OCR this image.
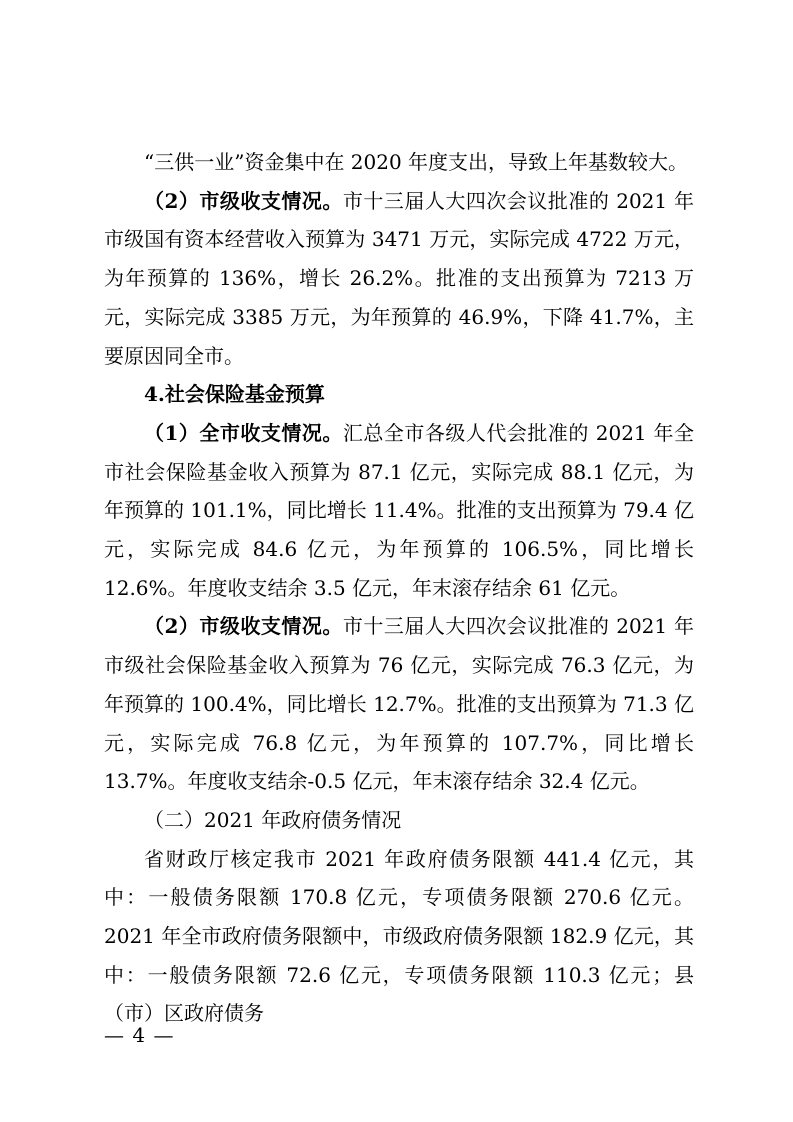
“三供一业”资金集中在 2020 年度支出，导致上年基数较大。

（2）市级收支情况。市十三届人大四次会议批准的 2021 年市级国有资本经营收入预算为 3471 万元，实际完成 4722 万元，为年预算的 136%，增长 26.2%。批准的支出预算为 7213 万元，实际完成 3385 万元，为年预算的 46.9%，下降 41.7%，主要原因同全市。

4.社会保险基金预算

（1）全市收支情况。汇总全市各级人代会批准的 2021 年全市社会保险基金收入预算为 87.1 亿元，实际完成 88.1 亿元，为年预算的 101.1%，同比增长 11.4%。批准的支出预算为 79.4 亿元，实际完成 84.6 亿元，为年预算的 106.5%，同比增长 12.6%。年度收支结余 3.5 亿元，年末滚存结余 61 亿元。

（2）市级收支情况。市十三届人大四次会议批准的 2021 年市级社会保险基金收入预算为 76 亿元，实际完成 76.3 亿元，为年预算的 100.4%，同比增长 12.7%。批准的支出预算为 71.3 亿元，实际完成 76.8 亿元，为年预算的 107.7%，同比增长 13.7%。年度收支结余-0.5 亿元，年末滚存结余 32.4 亿元。

（二）2021 年政府债务情况

省财政厅核定我市 2021 年政府债务限额 441.4 亿元，其中：一般债务限额 170.8 亿元，专项债务限额 270.6 亿元。2021 年全市政府债务限额中，市级政府债务限额 182.9 亿元，其中：一般债务限额 72.6 亿元，专项债务限额 110.3 亿元；县（市）区政府债务

— 4 —
